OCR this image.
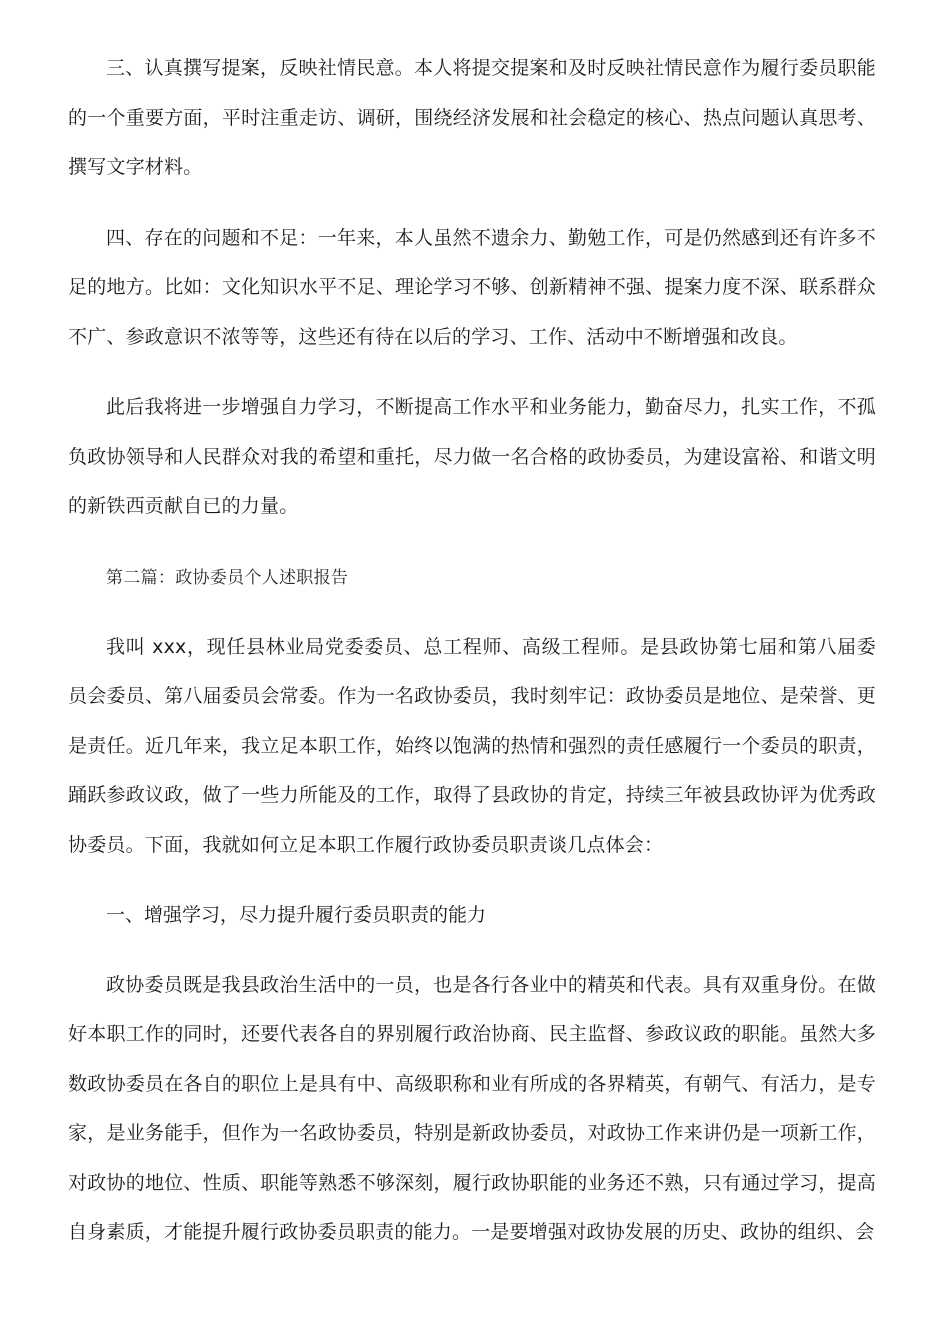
三、认真撰写提案，反映社情民意。本人将提交提案和及时反映社情民意作为履行委员职能的一个重要方面，平时注重走访、调研，围绕经济发展和社会稳定的核心、热点问题认真思考、撰写文字材料。

四、存在的问题和不足：一年来，本人虽然不遗余力、勤勉工作，可是仍然感到还有许多不足的地方。比如：文化知识水平不足、理论学习不够、创新精神不强、提案力度不深、联系群众不广、参政意识不浓等等，这些还有待在以后的学习、工作、活动中不断增强和改良。

此后我将进一步增强自力学习，不断提高工作水平和业务能力，勤奋尽力，扎实工作，不孤负政协领导和人民群众对我的希望和重托，尽力做一名合格的政协委员，为建设富裕、和谐文明的新铁西贡献自已的力量。

第二篇：政协委员个人述职报告

我叫 xxx，现任县林业局党委委员、总工程师、高级工程师。是县政协第七届和第八届委员会委员、第八届委员会常委。作为一名政协委员，我时刻牢记：政协委员是地位、是荣誉、更是责任。近几年来，我立足本职工作，始终以饱满的热情和强烈的责任感履行一个委员的职责，踊跃参政议政，做了一些力所能及的工作，取得了县政协的肯定，持续三年被县政协评为优秀政协委员。下面，我就如何立足本职工作履行政协委员职责谈几点体会：

一、增强学习，尽力提升履行委员职责的能力

政协委员既是我县政治生活中的一员，也是各行各业中的精英和代表。具有双重身份。在做好本职工作的同时，还要代表各自的界别履行政治协商、民主监督、参政议政的职能。虽然大多数政协委员在各自的职位上是具有中、高级职称和业有所成的各界精英，有朝气、有活力，是专家，是业务能手，但作为一名政协委员，特别是新政协委员，对政协工作来讲仍是一项新工作，对政协的地位、性质、职能等熟悉不够深刻，履行政协职能的业务还不熟，只有通过学习，提高自身素质，才能提升履行政协委员职责的能力。一是要增强对政协发展的历史、政协的组织、会
